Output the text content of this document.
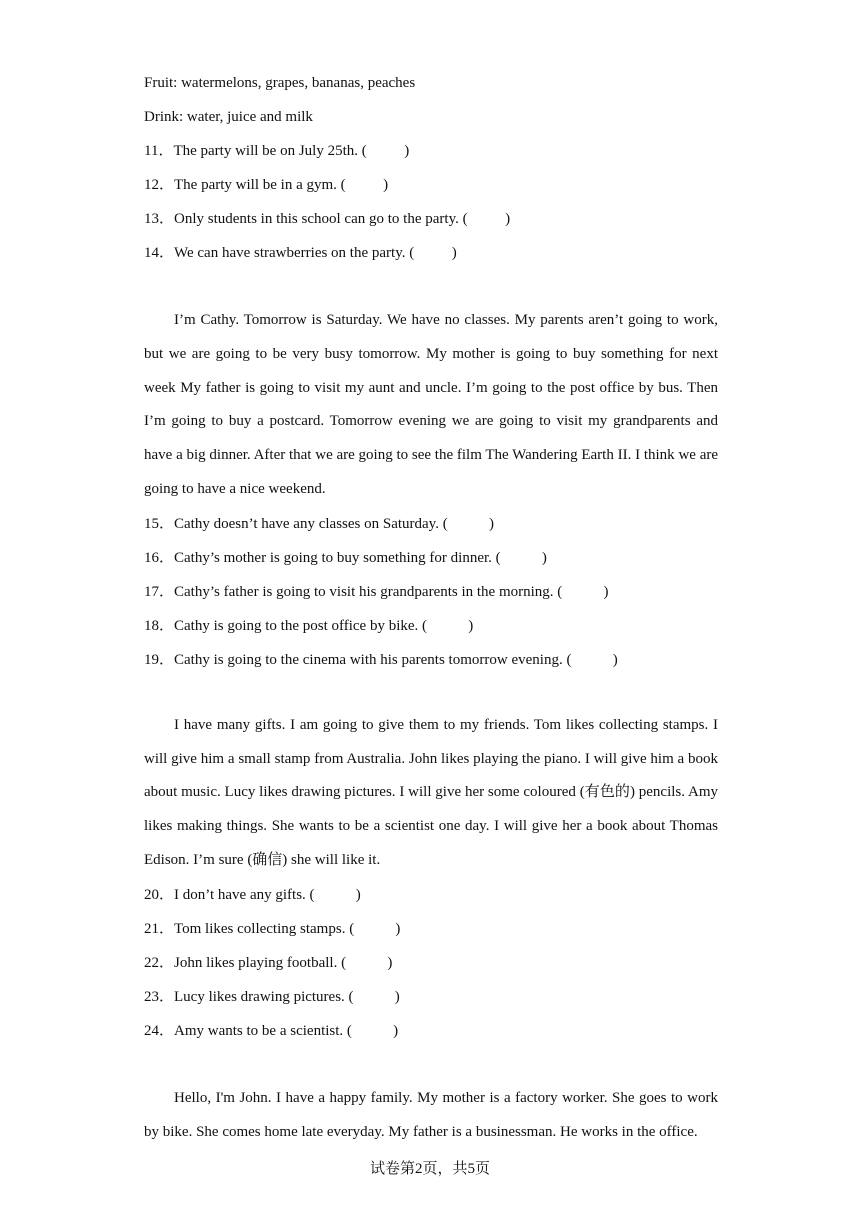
Fruit: watermelons, grapes, bananas, peaches
Drink: water, juice and milk
11．The party will be on July 25th. (          )
12．The party will be in a gym. (          )
13．Only students in this school can go to the party. (          )
14．We can have strawberries on the party. (          )

I’m Cathy. Tomorrow is Saturday. We have no classes. My parents aren’t going to work, but we are going to be very busy tomorrow. My mother is going to buy something for next week My father is going to visit my aunt and uncle. I’m going to the post office by bus. Then I’m going to buy a postcard. Tomorrow evening we are going to visit my grandparents and have a big dinner. After that we are going to see the film The Wandering Earth II. I think we are going to have a nice weekend.

15．Cathy doesn’t have any classes on Saturday. (           )
16．Cathy’s mother is going to buy something for dinner. (           )
17．Cathy’s father is going to visit his grandparents in the morning. (           )
18．Cathy is going to the post office by bike. (           )
19．Cathy is going to the cinema with his parents tomorrow evening. (           )

I have many gifts. I am going to give them to my friends. Tom likes collecting stamps. I will give him a small stamp from Australia. John likes playing the piano. I will give him a book about music. Lucy likes drawing pictures. I will give her some coloured (有色的) pencils. Amy likes making things. She wants to be a scientist one day. I will give her a book about Thomas Edison. I’m sure (确信) she will like it.

20．I don’t have any gifts. (           )
21．Tom likes collecting stamps. (           )
22．John likes playing football. (           )
23．Lucy likes drawing pictures. (           )
24．Amy wants to be a scientist. (           )

Hello, I'm John. I have a happy family. My mother is a factory worker. She goes to work by bike. She comes home late everyday. My father is a businessman. He works in the office.

试卷第2页，共5页
